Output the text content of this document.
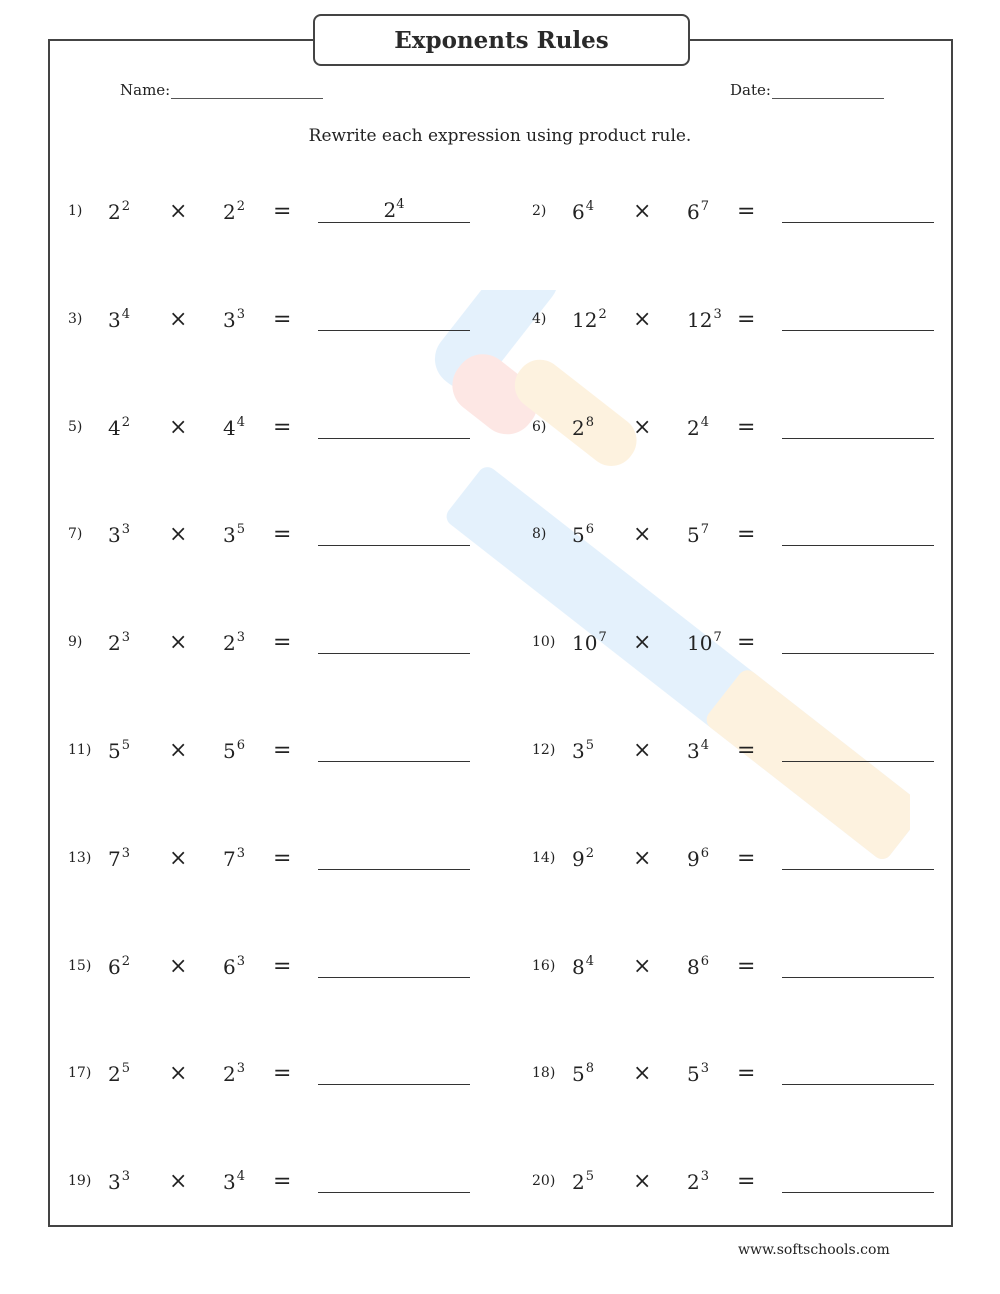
Exponents Rules
Name:	Date:
Rewrite each expression using product rule.
1) $2^2 \times 2^2$ =	$2^4$	2) $6^4 \times 6^7$ =
3) $3^4 \times 3^3$ =	4) $12^2 \times 12^3$ =
5) $4^2 \times 4^4$ =	6) $2^8 \times 2^4$ =
7) $3^3 \times 3^5$ =	8) $5^6 \times 5^7$ =
9) $2^3 \times 2^3$ =	10) $10^7 \times 10^7$ =
11) $5^5 \times 5^6$ =	12) $3^5 \times 3^4$ =
13) $7^3 \times 7^3$ =	14) $9^2 \times 9^6$ =
15) $6^2 \times 6^3$ =	16) $8^4 \times 8^6$ =
17) $2^5 \times 2^3$ =	18) $5^8 \times 5^3$ =
19) $3^3 \times 3^4$ =	20) $2^5 \times 2^3$ =
www.softschools.com
